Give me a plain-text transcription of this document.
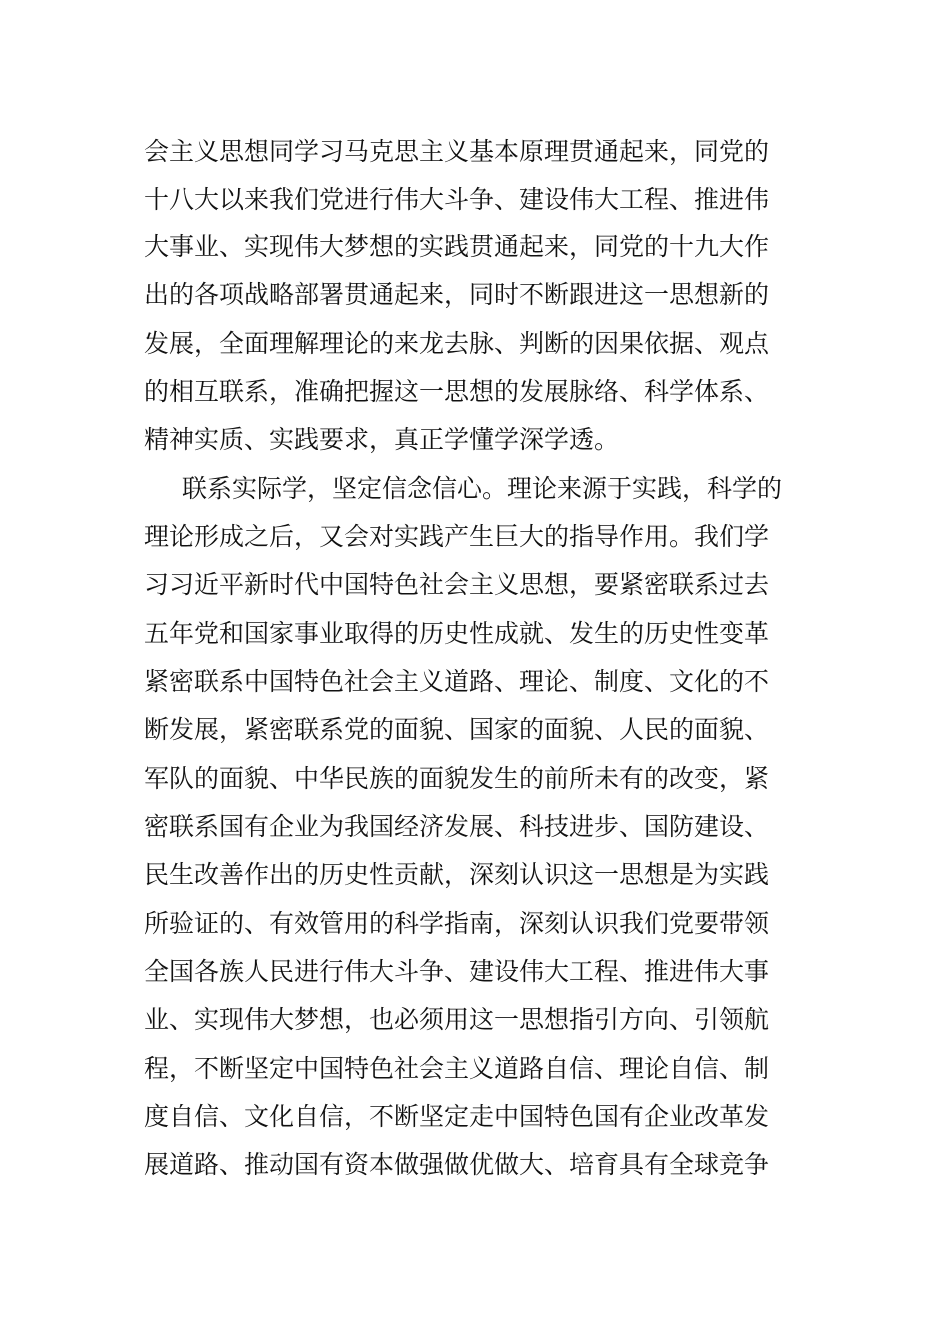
会主义思想同学习马克思主义基本原理贯通起来，同党的
十八大以来我们党进行伟大斗争、建设伟大工程、推进伟
大事业、实现伟大梦想的实践贯通起来，同党的十九大作
出的各项战略部署贯通起来，同时不断跟进这一思想新的
发展，全面理解理论的来龙去脉、判断的因果依据、观点
的相互联系，准确把握这一思想的发展脉络、科学体系、
精神实质、实践要求，真正学懂学深学透。
联系实际学，坚定信念信心。理论来源于实践，科学的
理论形成之后，又会对实践产生巨大的指导作用。我们学
习习近平新时代中国特色社会主义思想，要紧密联系过去
五年党和国家事业取得的历史性成就、发生的历史性变革
紧密联系中国特色社会主义道路、理论、制度、文化的不
断发展，紧密联系党的面貌、国家的面貌、人民的面貌、
军队的面貌、中华民族的面貌发生的前所未有的改变，紧
密联系国有企业为我国经济发展、科技进步、国防建设、
民生改善作出的历史性贡献，深刻认识这一思想是为实践
所验证的、有效管用的科学指南，深刻认识我们党要带领
全国各族人民进行伟大斗争、建设伟大工程、推进伟大事
业、实现伟大梦想，也必须用这一思想指引方向、引领航
程，不断坚定中国特色社会主义道路自信、理论自信、制
度自信、文化自信，不断坚定走中国特色国有企业改革发
展道路、推动国有资本做强做优做大、培育具有全球竞争
